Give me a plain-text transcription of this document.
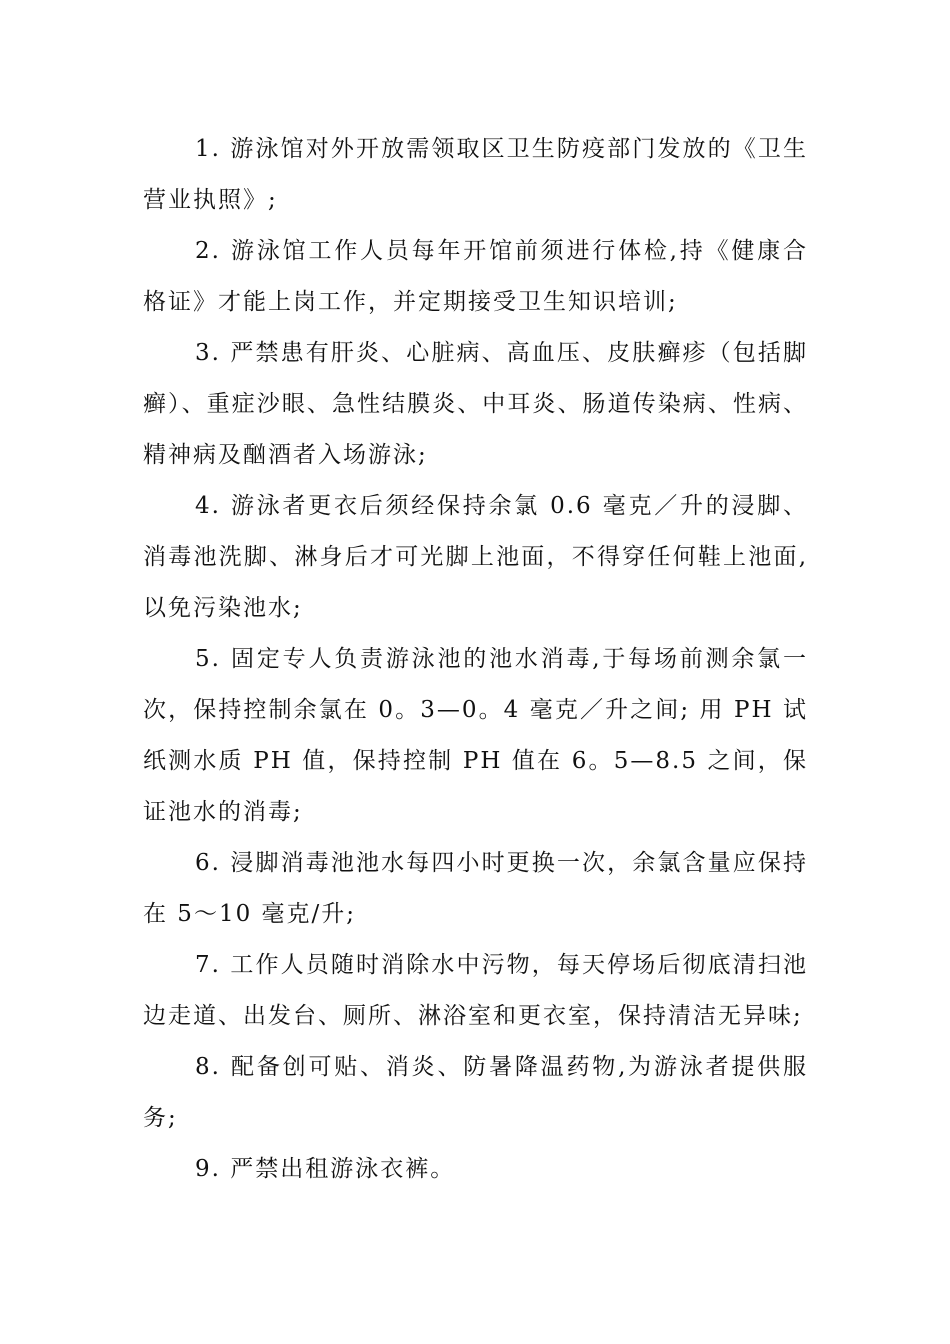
1. 游泳馆对外开放需领取区卫生防疫部门发放的《卫生营业执照》;

2. 游泳馆工作人员每年开馆前须进行体检,持《健康合格证》才能上岗工作，并定期接受卫生知识培训;

3. 严禁患有肝炎、心脏病、高血压、皮肤癣疹（包括脚癣）、重症沙眼、急性结膜炎、中耳炎、肠道传染病、性病、精神病及酗酒者入场游泳;

4. 游泳者更衣后须经保持余氯 0.6 毫克／升的浸脚、消毒池洗脚、淋身后才可光脚上池面，不得穿任何鞋上池面,以免污染池水;

5. 固定专人负责游泳池的池水消毒,于每场前测余氯一次，保持控制余氯在 0。3—0。4 毫克／升之间; 用 PH 试纸测水质 PH 值，保持控制 PH 值在 6。5—8.5 之间，保证池水的消毒;

6. 浸脚消毒池池水每四小时更换一次，余氯含量应保持在 5～10 毫克/升;

7. 工作人员随时消除水中污物，每天停场后彻底清扫池边走道、出发台、厕所、淋浴室和更衣室，保持清洁无异味;

8. 配备创可贴、消炎、防暑降温药物,为游泳者提供服务;

9. 严禁出租游泳衣裤。
